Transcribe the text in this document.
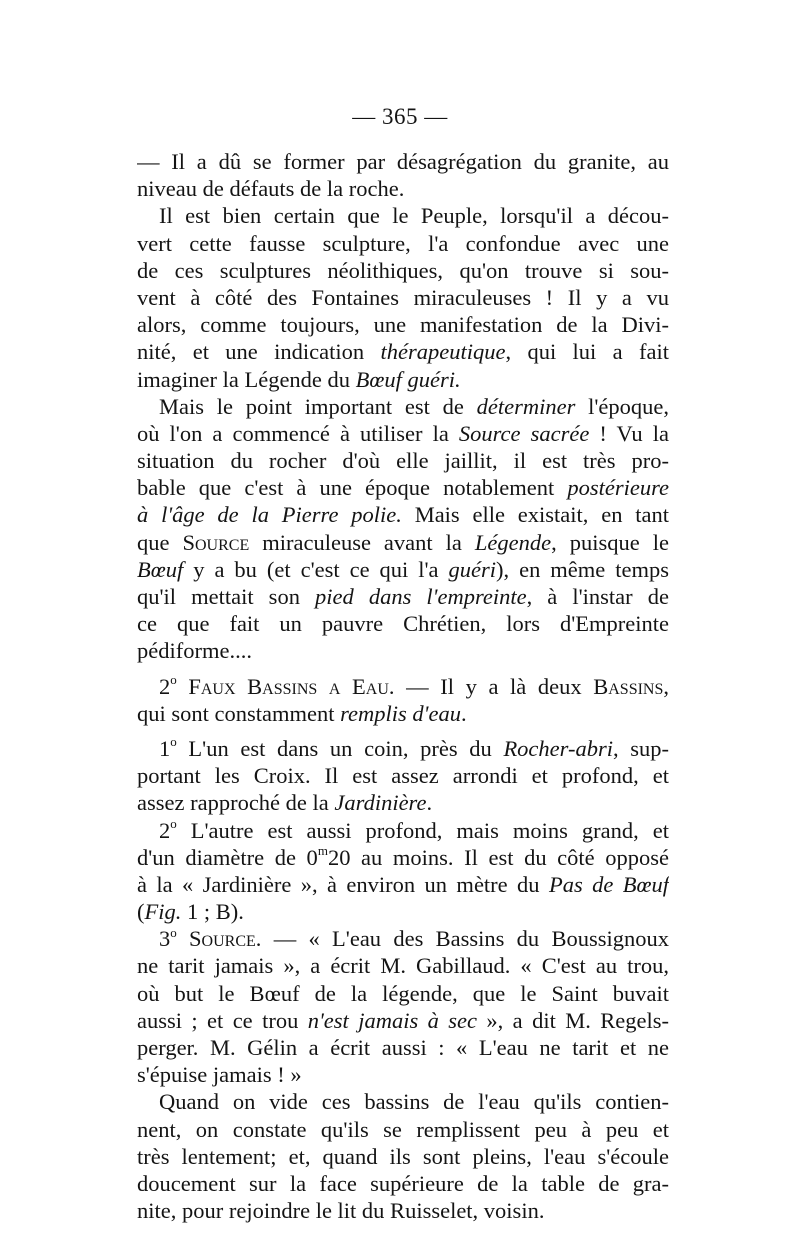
— 365 —
— Il a dû se former par désagrégation du granite, au
niveau de défauts de la roche.
Il est bien certain que le Peuple, lorsqu'il a décou-
vert cette fausse sculpture, l'a confondue avec une
de ces sculptures néolithiques, qu'on trouve si sou-
vent à côté des Fontaines miraculeuses ! Il y a vu
alors, comme toujours, une manifestation de la Divi-
nité, et une indication thérapeutique, qui lui a fait
imaginer la Légende du Bœuf guéri.
Mais le point important est de déterminer l'époque,
où l'on a commencé à utiliser la Source sacrée ! Vu la
situation du rocher d'où elle jaillit, il est très pro-
bable que c'est à une époque notablement postérieure
à l'âge de la Pierre polie. Mais elle existait, en tant
que Source miraculeuse avant la Légende, puisque le
Bœuf y a bu (et c'est ce qui l'a guéri), en même temps
qu'il mettait son pied dans l'empreinte, à l'instar de
ce que fait un pauvre Chrétien, lors d'Empreinte
pédiforme....
2$^o$ Faux Bassins a Eau. — Il y a là deux Bassins,
qui sont constamment remplis d'eau.
1$^o$ L'un est dans un coin, près du Rocher-abri, sup-
portant les Croix. Il est assez arrondi et profond, et
assez rapproché de la Jardinière.
2$^o$ L'autre est aussi profond, mais moins grand, et
d'un diamètre de 0$^m$20 au moins. Il est du côté opposé
à la « Jardinière », à environ un mètre du Pas de Bœuf
(Fig. 1 ; B).
3$^o$ Source. — « L'eau des Bassins du Boussignoux
ne tarit jamais », a écrit M. Gabillaud. « C'est au trou,
où but le Bœuf de la légende, que le Saint buvait
aussi ; et ce trou n'est jamais à sec », a dit M. Regels-
perger. M. Gélin a écrit aussi : « L'eau ne tarit et ne
s'épuise jamais ! »
Quand on vide ces bassins de l'eau qu'ils contien-
nent, on constate qu'ils se remplissent peu à peu et
très lentement; et, quand ils sont pleins, l'eau s'écoule
doucement sur la face supérieure de la table de gra-
nite, pour rejoindre le lit du Ruisselet, voisin.
